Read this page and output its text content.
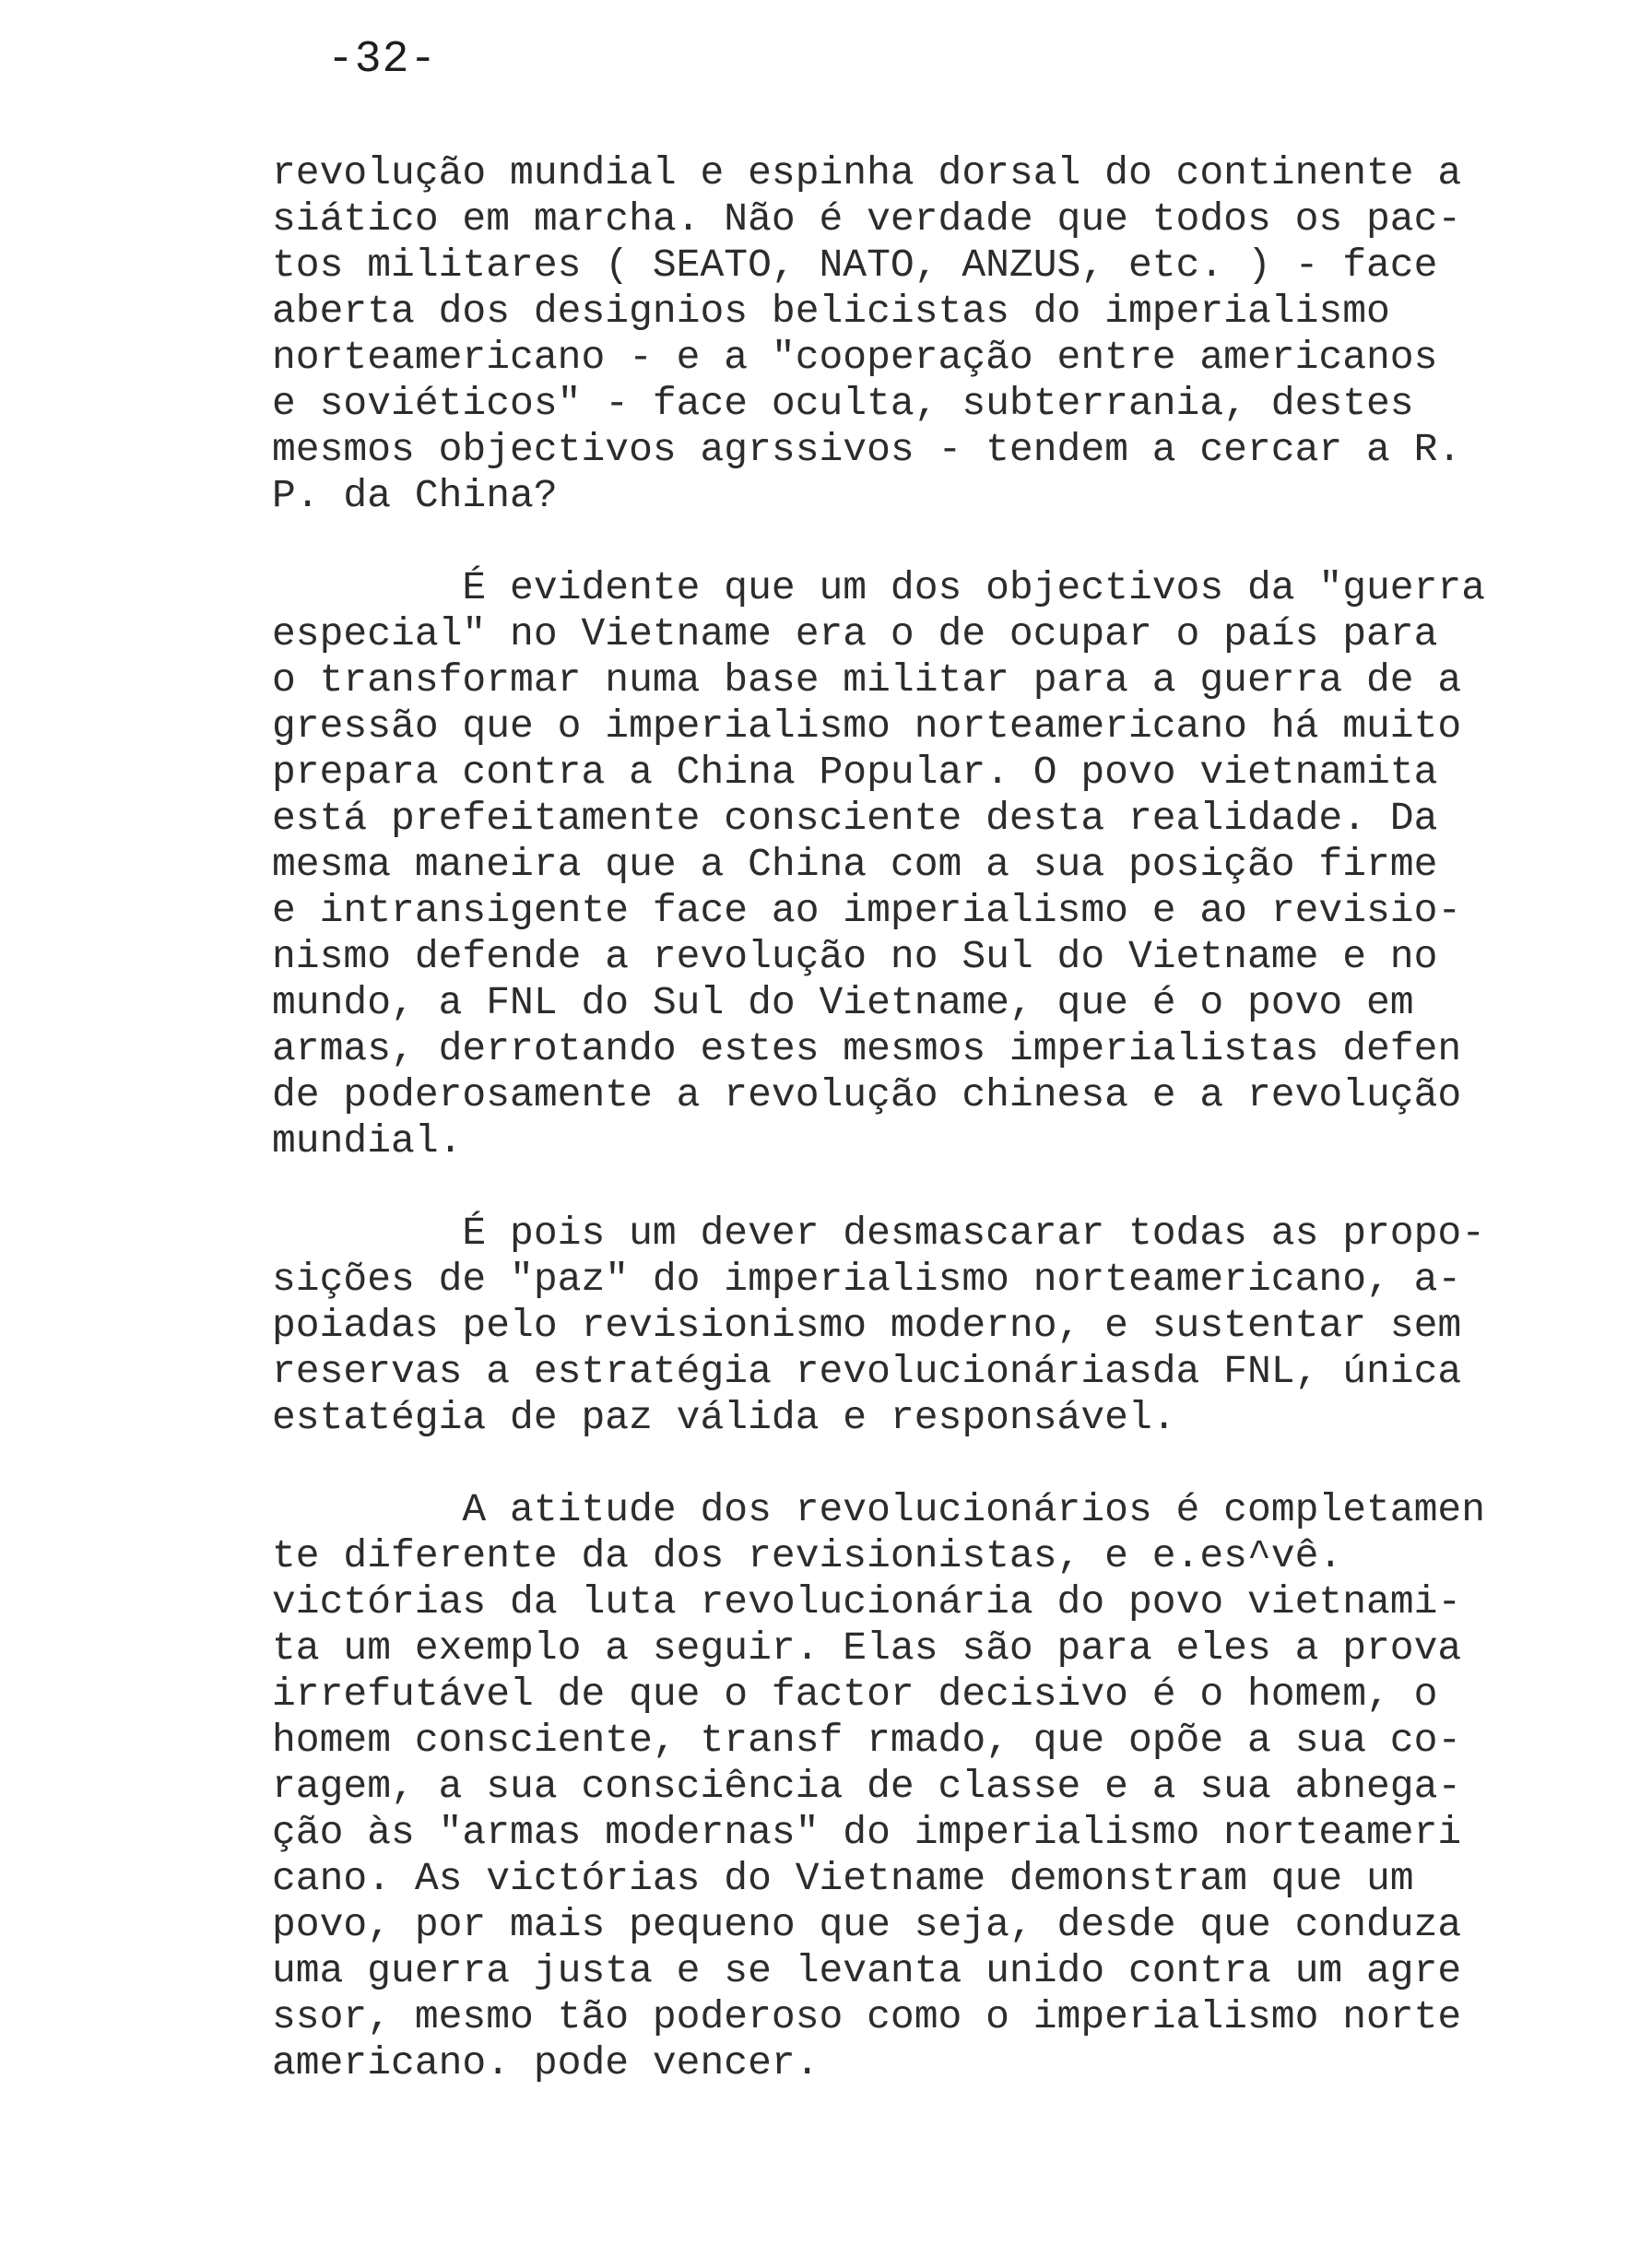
-32-
revolução mundial e espinha dorsal do continente a
siático em marcha. Não é verdade que todos os pac-
tos militares ( SEATO, NATO, ANZUS, etc. ) - face
aberta dos designios belicistas do imperialismo
norteamericano - e a "cooperação entre americanos
e soviéticos" - face oculta, subterrania, destes
mesmos objectivos agrssivos - tendem a cercar a R.
P. da China?
É evidente que um dos objectivos da "guerra
especial" no Vietname era o de ocupar o país para
o transformar numa base militar para a guerra de a
gressão que o imperialismo norteamericano há muito
prepara contra a China Popular. O povo vietnamita
está prefeitamente consciente desta realidade. Da
mesma maneira que a China com a sua posição firme
e intransigente face ao imperialismo e ao revisio-
nismo defende a revolução no Sul do Vietname e no
mundo, a FNL do Sul do Vietname, que é o povo em
armas, derrotando estes mesmos imperialistas defen
de poderosamente a revolução chinesa e a revolução
mundial.
É pois um dever desmascarar todas as propo-
sições de "paz" do imperialismo norteamericano, a-
poiadas pelo revisionismo moderno, e sustentar sem
reservas a estratégia revolucionáriasda FNL, única
estatégia de paz válida e responsável.
A atitude dos revolucionários é completamen
te diferente da dos revisionistas, e e.es^vê.
victórias da luta revolucionária do povo vietnami-
ta um exemplo a seguir. Elas são para eles a prova
irrefutável de que o factor decisivo é o homem, o
homem consciente, transf rmado, que opõe a sua co-
ragem, a sua consciência de classe e a sua abnega-
ção às "armas modernas" do imperialismo norteameri
cano. As victórias do Vietname demonstram que um
povo, por mais pequeno que seja, desde que conduza
uma guerra justa e se levanta unido contra um agre
ssor, mesmo tão poderoso como o imperialismo norte
americano. pode vencer.
